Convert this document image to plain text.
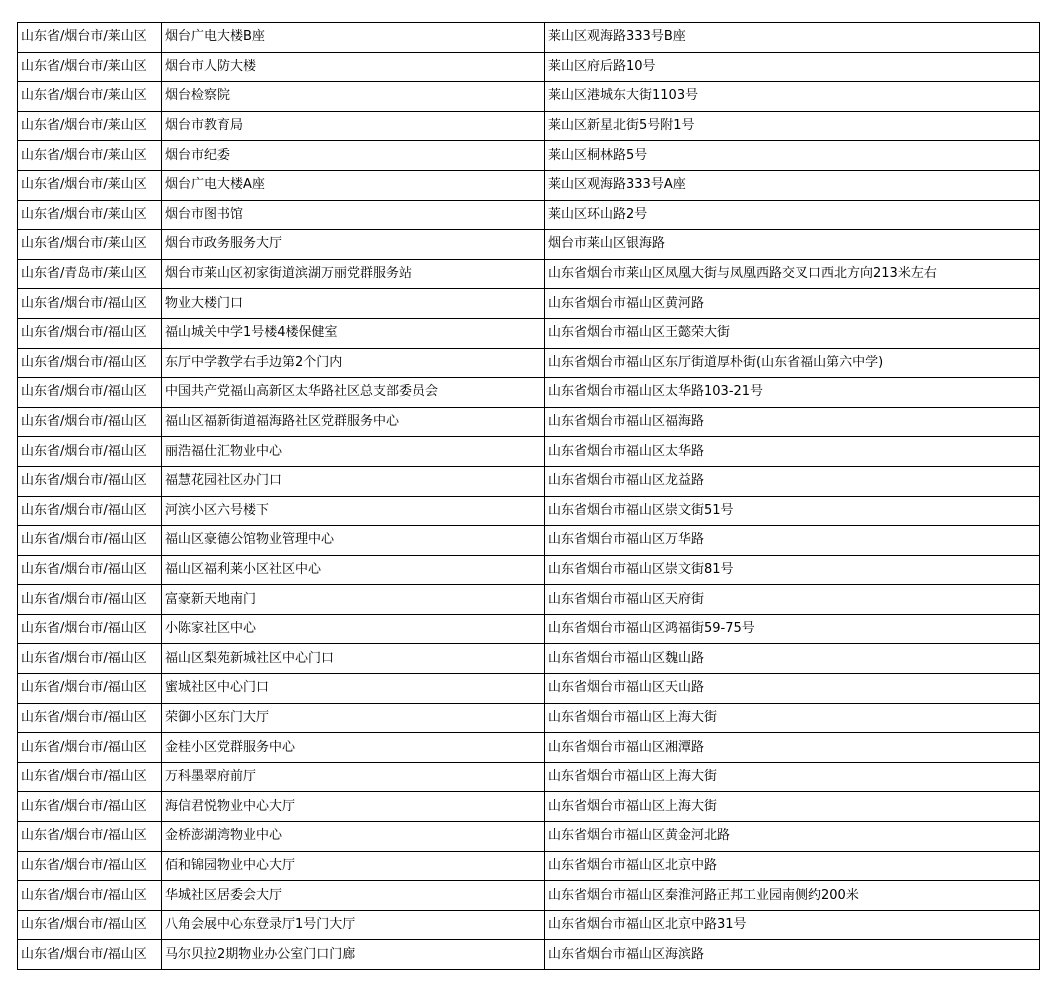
山东省/烟台市/莱山区	烟台广电大楼B座	莱山区观海路333号B座
山东省/烟台市/莱山区	烟台市人防大楼	莱山区府后路10号
山东省/烟台市/莱山区	烟台检察院	莱山区港城东大街1103号
山东省/烟台市/莱山区	烟台市教育局	莱山区新星北街5号附1号
山东省/烟台市/莱山区	烟台市纪委	莱山区桐林路5号
山东省/烟台市/莱山区	烟台广电大楼A座	莱山区观海路333号A座
山东省/烟台市/莱山区	烟台市图书馆	莱山区环山路2号
山东省/烟台市/莱山区	烟台市政务服务大厅	烟台市莱山区银海路
山东省/青岛市/莱山区	烟台市莱山区初家街道滨湖万丽党群服务站	山东省烟台市莱山区凤凰大街与凤凰西路交叉口西北方向213米左右
山东省/烟台市/福山区	物业大楼门口	山东省烟台市福山区黄河路
山东省/烟台市/福山区	福山城关中学1号楼4楼保健室	山东省烟台市福山区王懿荣大街
山东省/烟台市/福山区	东厅中学教学右手边第2个门内	山东省烟台市福山区东厅街道厚朴街(山东省福山第六中学)
山东省/烟台市/福山区	中国共产党福山高新区太华路社区总支部委员会	山东省烟台市福山区太华路103-21号
山东省/烟台市/福山区	福山区福新街道福海路社区党群服务中心	山东省烟台市福山区福海路
山东省/烟台市/福山区	丽浩福仕汇物业中心	山东省烟台市福山区太华路
山东省/烟台市/福山区	福慧花园社区办门口	山东省烟台市福山区龙益路
山东省/烟台市/福山区	河滨小区六号楼下	山东省烟台市福山区崇文街51号
山东省/烟台市/福山区	福山区豪德公馆物业管理中心	山东省烟台市福山区万华路
山东省/烟台市/福山区	福山区福利莱小区社区中心	山东省烟台市福山区崇文街81号
山东省/烟台市/福山区	富豪新天地南门	山东省烟台市福山区天府街
山东省/烟台市/福山区	小陈家社区中心	山东省烟台市福山区鸿福街59-75号
山东省/烟台市/福山区	福山区梨苑新城社区中心门口	山东省烟台市福山区魏山路
山东省/烟台市/福山区	蜜城社区中心门口	山东省烟台市福山区天山路
山东省/烟台市/福山区	荣御小区东门大厅	山东省烟台市福山区上海大街
山东省/烟台市/福山区	金桂小区党群服务中心	山东省烟台市福山区湘潭路
山东省/烟台市/福山区	万科墨翠府前厅	山东省烟台市福山区上海大街
山东省/烟台市/福山区	海信君悦物业中心大厅	山东省烟台市福山区上海大街
山东省/烟台市/福山区	金桥澎湖湾物业中心	山东省烟台市福山区黄金河北路
山东省/烟台市/福山区	佰和锦园物业中心大厅	山东省烟台市福山区北京中路
山东省/烟台市/福山区	华城社区居委会大厅	山东省烟台市福山区秦淮河路正邦工业园南侧约200米
山东省/烟台市/福山区	八角会展中心东登录厅1号门大厅	山东省烟台市福山区北京中路31号
山东省/烟台市/福山区	马尔贝拉2期物业办公室门口门廊	山东省烟台市福山区海滨路
